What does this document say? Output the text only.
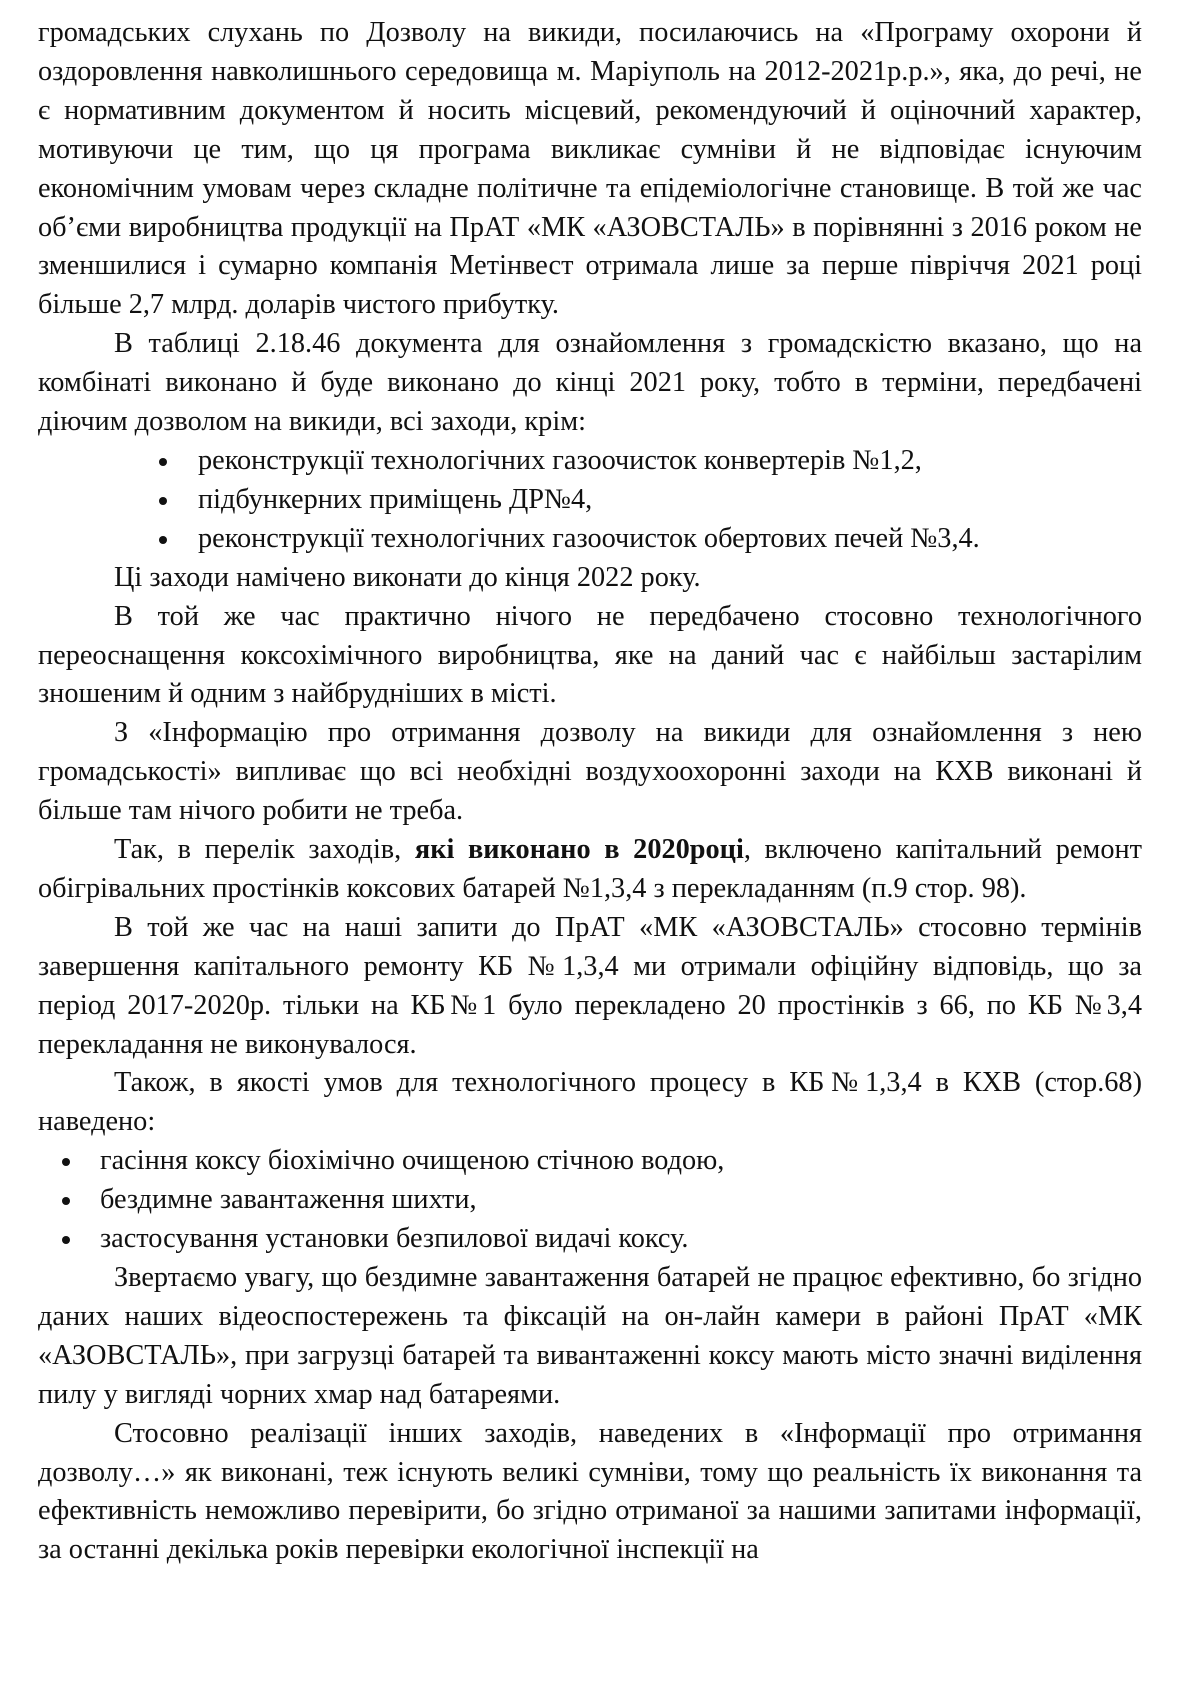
громадських слухань по Дозволу на викиди, посилаючись на «Програму охорони й оздоровлення навколишнього середовища м. Маріуполь на 2012-2021р.р.», яка, до речі, не є нормативним документом й носить місцевий, рекомендуючий й оціночний характер, мотивуючи це тим, що ця програма викликає сумніви й не відповідає існуючим економічним умовам через складне політичне та епідеміологічне становище. В той же час об’єми виробництва продукції на ПрАТ «МК «АЗОВСТАЛЬ» в порівнянні з 2016 роком не зменшилися і сумарно компанія Метінвест отримала лише за перше півріччя 2021 році більше 2,7 млрд. доларів чистого прибутку.

В таблиці 2.18.46 документа для ознайомлення з громадскістю вказано, що на комбінаті виконано й буде виконано до кінці 2021 року, тобто в терміни, передбачені діючим дозволом на викиди, всі заходи, крім:

реконструкції технологічних газоочисток конвертерів №1,2,
підбункерних приміщень ДР№4,
реконструкції технологічних газоочисток обертових печей №3,4.

Ці заходи намічено виконати до кінця 2022 року.

В той же час практично нічого не передбачено стосовно технологічного переоснащення коксохімічного виробництва, яке на даний час є найбільш застарілим зношеним й одним з найбрудніших в місті.

З «Інформацію про отримання дозволу на викиди для ознайомлення з нею громадськості» випливає що всі необхідні воздухоохоронні заходи на КХВ виконані й більше там нічого робити не треба.

Так, в перелік заходів, які виконано в 2020році, включено капітальний ремонт обігрівальних простінків коксових батарей №1,3,4 з перекладанням (п.9 стор. 98).

В той же час на наші запити до ПрАТ «МК «АЗОВСТАЛЬ» стосовно термінів завершення капітального ремонту КБ №1,3,4 ми отримали офіційну відповідь, що за період 2017-2020р. тільки на КБ№1 було перекладено 20 простінків з 66, по КБ №3,4 перекладання не виконувалося.

Також, в якості умов для технологічного процесу в КБ№1,3,4 в КХВ (стор.68) наведено:

гасіння коксу біохімічно очищеною стічною водою,
бездимне завантаження шихти,
застосування установки безпилової видачі коксу.

Звертаємо увагу, що бездимне завантаження батарей не працює ефективно, бо згідно даних наших відеоспостережень та фіксацій на он-лайн камери в районі ПрАТ «МК «АЗОВСТАЛЬ», при загрузці батарей та вивантаженні коксу мають місто значні виділення пилу у вигляді чорних хмар над батареями.

Стосовно реалізації інших заходів, наведених в «Інформації про отримання дозволу…» як виконані, теж існують великі сумніви, тому що реальність їх виконання та ефективність неможливо перевірити, бо згідно отриманої за нашими запитами інформації, за останні декілька років перевірки екологічної інспекції на
